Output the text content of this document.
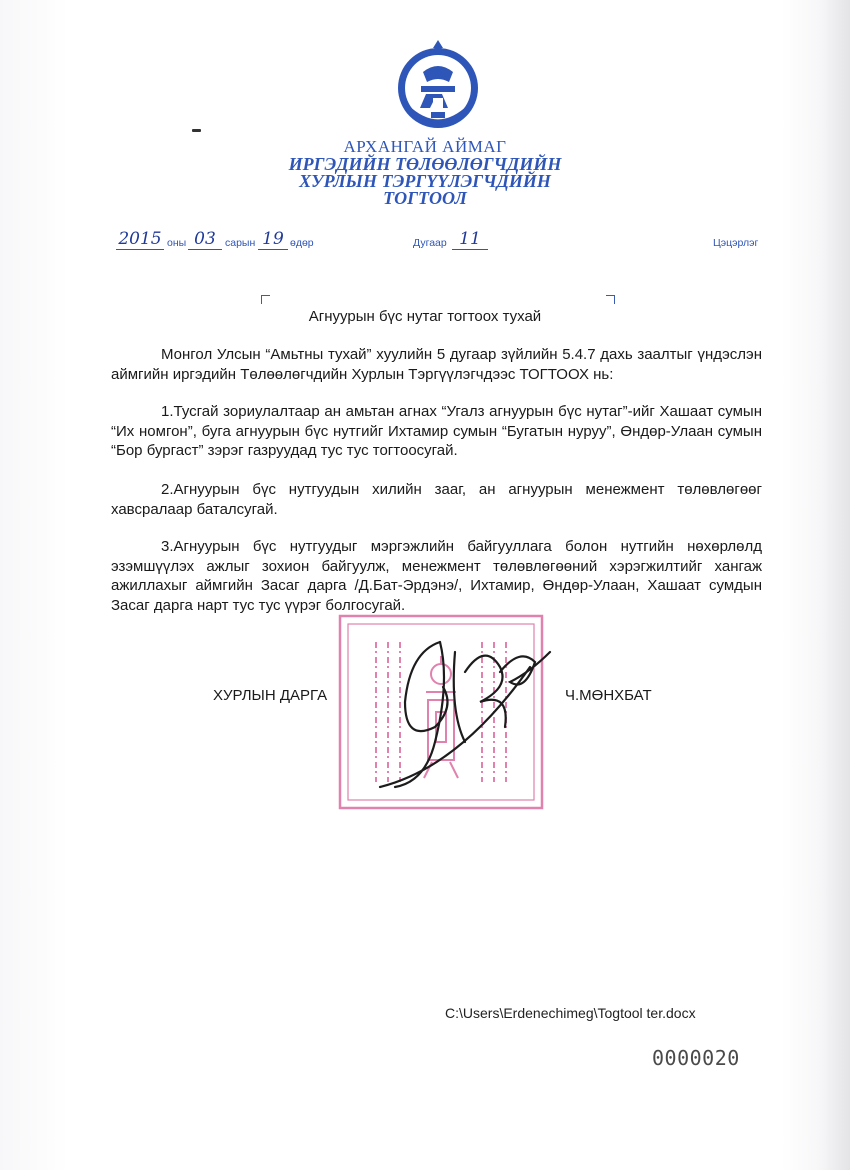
АРХАНГАЙ АЙМАГ
ИРГЭДИЙН ТӨЛӨӨЛӨГЧДИЙН
ХУРЛЫН ТЭРГҮҮЛЭГЧДИЙН
ТОГТООЛ
2015 оны 03 сарын 19 өдөр	Дугаар 11	Цэцэрлэг
Агнуурын бүс нутаг тогтоох тухай
Монгол Улсын “Амьтны тухай” хуулийн 5 дугаар зүйлийн 5.4.7 дахь заалтыг үндэслэн аймгийн иргэдийн Төлөөлөгчдийн Хурлын Тэргүүлэгчдээс ТОГТООХ нь:
1.Тусгай зориулалтаар ан амьтан агнах “Угалз агнуурын бүс нутаг”-ийг Хашаат сумын “Их номгон”, буга агнуурын бүс нутгийг Ихтамир сумын “Бугатын нуруу”, Өндөр-Улаан сумын “Бор бургаст” зэрэг газруудад тус тус тогтоосугай.
2.Агнуурын бүс нутгуудын хилийн зааг, ан агнуурын менежмент төлөвлөгөөг хавсралаар баталсугай.
3.Агнуурын бүс нутгуудыг мэргэжлийн байгууллага болон нутгийн нөхөрлөлд эзэмшүүлэх ажлыг зохион байгуулж, менежмент төлөвлөгөөний хэрэгжилтийг хангаж ажиллахыг аймгийн Засаг дарга /Д.Бат-Эрдэнэ/, Ихтамир, Өндөр-Улаан, Хашаат сумдын Засаг дарга нарт тус тус үүрэг болгосугай.
ХУРЛЫН ДАРГА	Ч.МӨНХБАТ
C:\Users\Erdenechimeg\Togtool ter.docx
0000020
